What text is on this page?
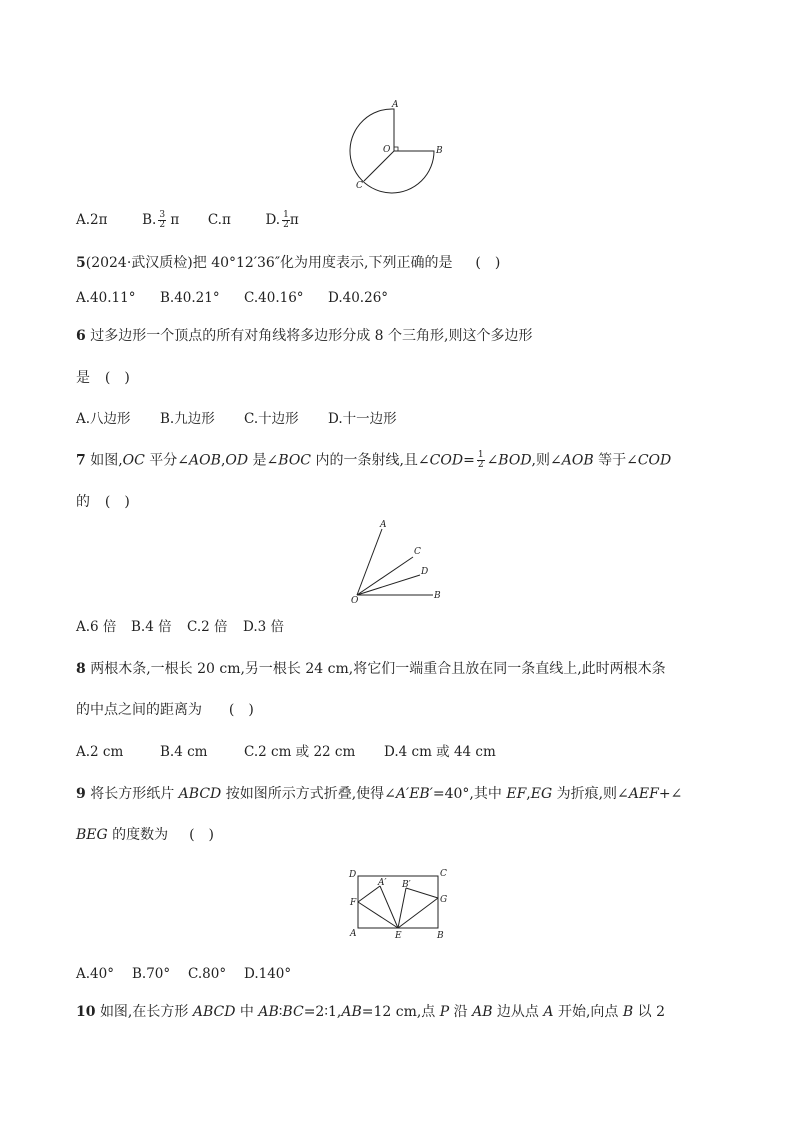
A
B
O
C
A.2π	B. $\frac{3}{2}$ π C.π	D. $\frac{1}{2}$ π
5(2024·武汉质检)把 40°12′36″化为用度表示,下列正确的是 (　)
A.40.11° B.40.21° C.40.16° D.40.26°
6 过多边形一个顶点的所有对角线将多边形分成 8 个三角形,则这个多边形
是 (　)
A.八边形 B.九边形 C.十边形 D.十一边形
7 如图,OC 平分∠AOB,OD 是∠BOC 内的一条射线,且∠COD= $\frac{1}{2}$ ∠BOD,则∠AOB 等于∠COD
的 (　)
A
C
D
O	B
A.6 倍 B.4 倍 C.2 倍 D.3 倍
8 两根木条,一根长 20 cm,另一根长 24 cm,将它们一端重合且放在同一条直线上,此时两根木条
的中点之间的距离为 (　)
A.2 cm	B.4 cm	C.2 cm 或 22 cm D.4 cm 或 44 cm
9 将长方形纸片 ABCD 按如图所示方式折叠,使得∠A′EB′=40°,其中 EF,EG 为折痕,则∠AEF+∠
BEG 的度数为 (　)
D	C
A′ B′
F	G
A	E	B
A.40° B.70° C.80° D.140°
10 如图,在长方形 ABCD 中 AB∶BC=2∶1,AB=12 cm,点 P 沿 AB 边从点 A 开始,向点 B 以 2
